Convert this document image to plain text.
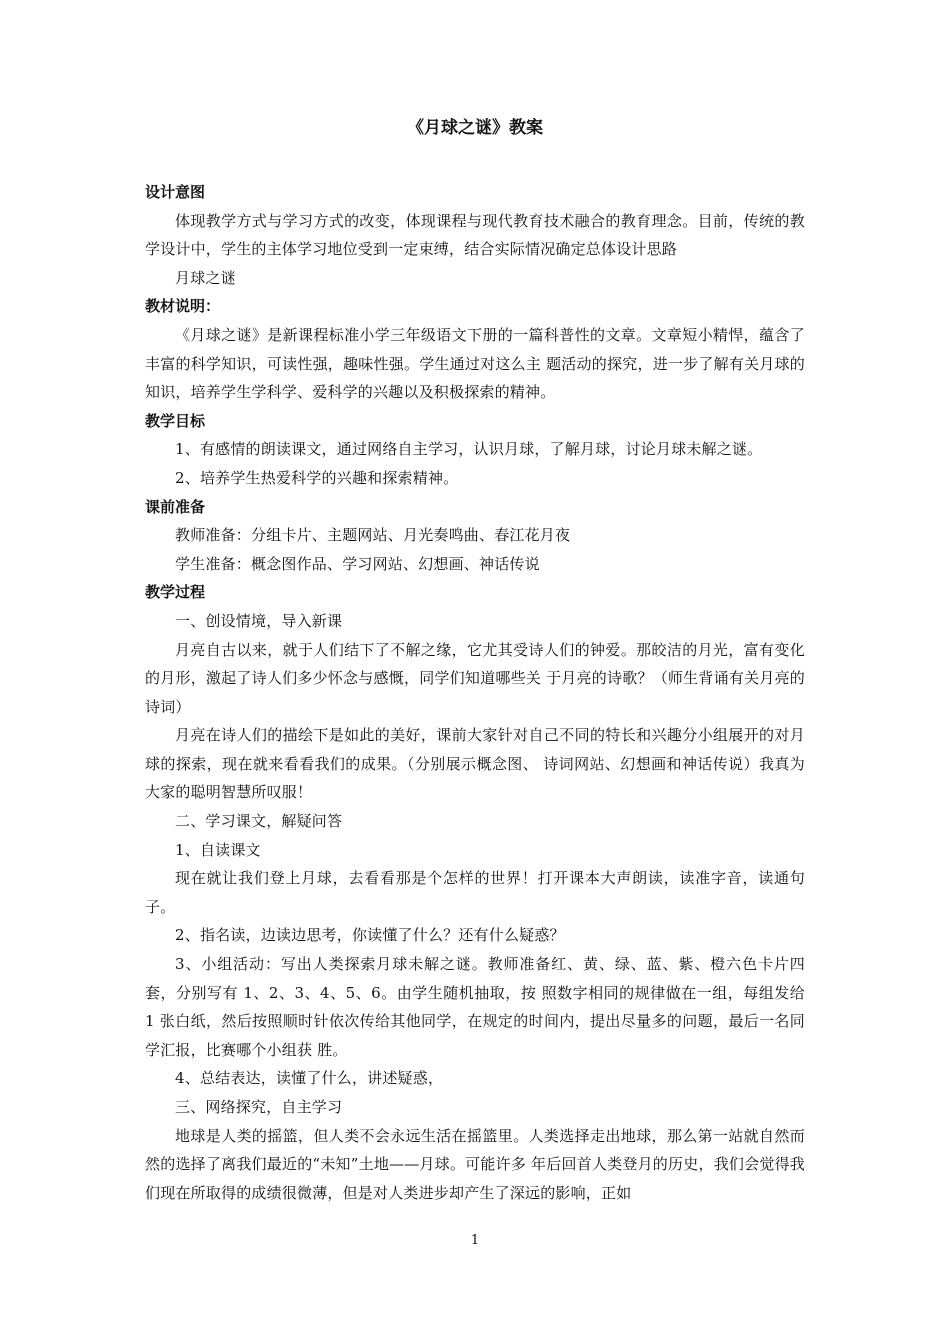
《月球之谜》教案

设计意图

体现教学方式与学习方式的改变，体现课程与现代教育技术融合的教育理念。目前，传统的教学设计中，学生的主体学习地位受到一定束缚，结合实际情况确定总体设计思路

月球之谜

教材说明：

《月球之谜》是新课程标准小学三年级语文下册的一篇科普性的文章。文章短小精悍，蕴含了丰富的科学知识，可读性强，趣味性强。学生通过对这么主 题活动的探究，进一步了解有关月球的知识，培养学生学科学、爱科学的兴趣以及积极探索的精神。

教学目标

1、有感情的朗读课文，通过网络自主学习，认识月球，了解月球，讨论月球未解之谜。

2、培养学生热爱科学的兴趣和探索精神。

课前准备

教师准备：分组卡片、主题网站、月光奏鸣曲、春江花月夜

学生准备：概念图作品、学习网站、幻想画、神话传说

教学过程

一、创设情境，导入新课

月亮自古以来，就于人们结下了不解之缘，它尤其受诗人们的钟爱。那皎洁的月光，富有变化的月形，激起了诗人们多少怀念与感慨，同学们知道哪些关 于月亮的诗歌？（师生背诵有关月亮的诗词）

月亮在诗人们的描绘下是如此的美好，课前大家针对自己不同的特长和兴趣分小组展开的对月球的探索，现在就来看看我们的成果。（分别展示概念图、 诗词网站、幻想画和神话传说）我真为大家的聪明智慧所叹服！

二、学习课文，解疑问答

1、自读课文

现在就让我们登上月球，去看看那是个怎样的世界！打开课本大声朗读，读准字音，读通句子。

2、指名读，边读边思考，你读懂了什么？还有什么疑惑？

3、小组活动：写出人类探索月球未解之谜。教师准备红、黄、绿、蓝、紫、橙六色卡片四套，分别写有 1、2、3、4、5、6。由学生随机抽取，按 照数字相同的规律做在一组，每组发给 1 张白纸，然后按照顺时针依次传给其他同学，在规定的时间内，提出尽量多的问题，最后一名同学汇报，比赛哪个小组获 胜。

4、总结表达，读懂了什么，讲述疑惑，

三、网络探究，自主学习

地球是人类的摇篮，但人类不会永远生活在摇篮里。人类选择走出地球，那么第一站就自然而然的选择了离我们最近的“未知”土地——月球。可能许多 年后回首人类登月的历史，我们会觉得我们现在所取得的成绩很微薄，但是对人类进步却产生了深远的影响，正如

1
